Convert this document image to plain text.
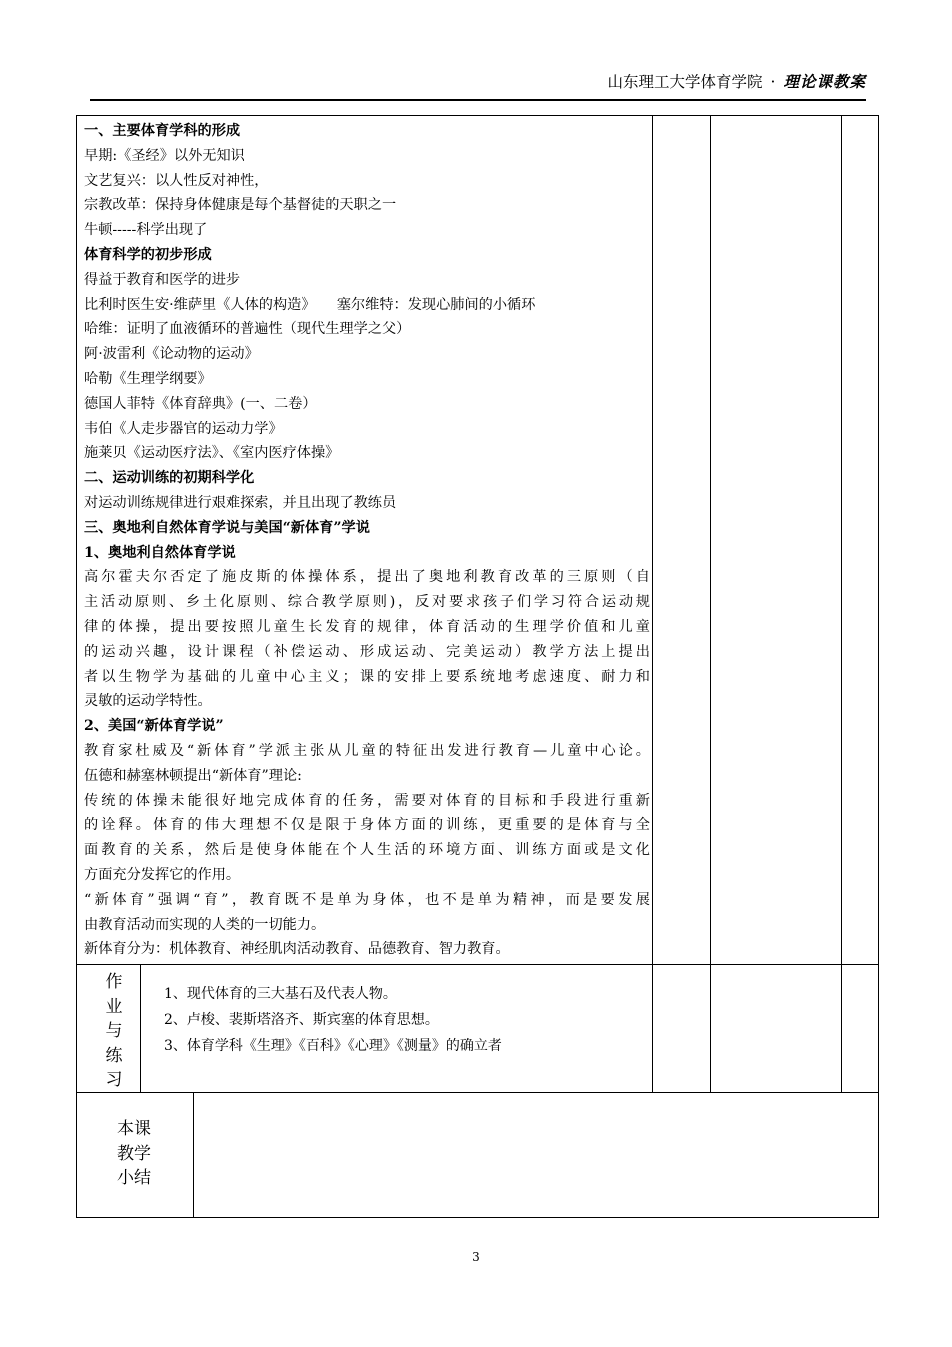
山东理工大学体育学院 · 理论课教案

一、主要体育学科的形成

早期:《圣经》以外无知识

文艺复兴：以人性反对神性，

宗教改革：保持身体健康是每个基督徒的天职之一

牛顿-----科学出现了

体育科学的初步形成

得益于教育和医学的进步

比利时医生安·维萨里《人体的构造》　　塞尔维特：发现心肺间的小循环

哈维：证明了血液循环的普遍性（现代生理学之父）

阿·波雷利《论动物的运动》

哈勒《生理学纲要》

德国人菲特《体育辞典》(一、二卷）

韦伯《人走步器官的运动力学》

施莱贝《运动医疗法》、《室内医疗体操》

二、运动训练的初期科学化

对运动训练规律进行艰难探索，并且出现了教练员

三、奥地利自然体育学说与美国“新体育”学说

1、奥地利自然体育学说

高尔霍夫尔否定了施皮斯的体操体系，提出了奥地利教育改革的三原则（自

主活动原则、乡土化原则、综合教学原则)，反对要求孩子们学习符合运动规

律的体操，提出要按照儿童生长发育的规律，体育活动的生理学价值和儿童

的运动兴趣，设计课程（补偿运动、形成运动、完美运动）教学方法上提出

者以生物学为基础的儿童中心主义；课的安排上要系统地考虑速度、耐力和

灵敏的运动学特性。

2、美国“新体育学说”

教育家杜威及“新体育”学派主张从儿童的特征出发进行教育—儿童中心论。

伍德和赫塞林顿提出“新体育”理论:

传统的体操未能很好地完成体育的任务，需要对体育的目标和手段进行重新

的诠释。体育的伟大理想不仅是限于身体方面的训练，更重要的是体育与全

面教育的关系，然后是使身体能在个人生活的环境方面、训练方面或是文化

方面充分发挥它的作用。

“新体育”强调“育”，教育既不是单为身体，也不是单为精神，而是要发展

由教育活动而实现的人类的一切能力。

新体育分为：机体教育、神经肌肉活动教育、品德教育、智力教育。

作
业
与
练
习

1、现代体育的三大基石及代表人物。

2、卢梭、裴斯塔洛齐、斯宾塞的体育思想。

3、体育学科《生理》《百科》《心理》《测量》的确立者

本课
教学
小结
3
